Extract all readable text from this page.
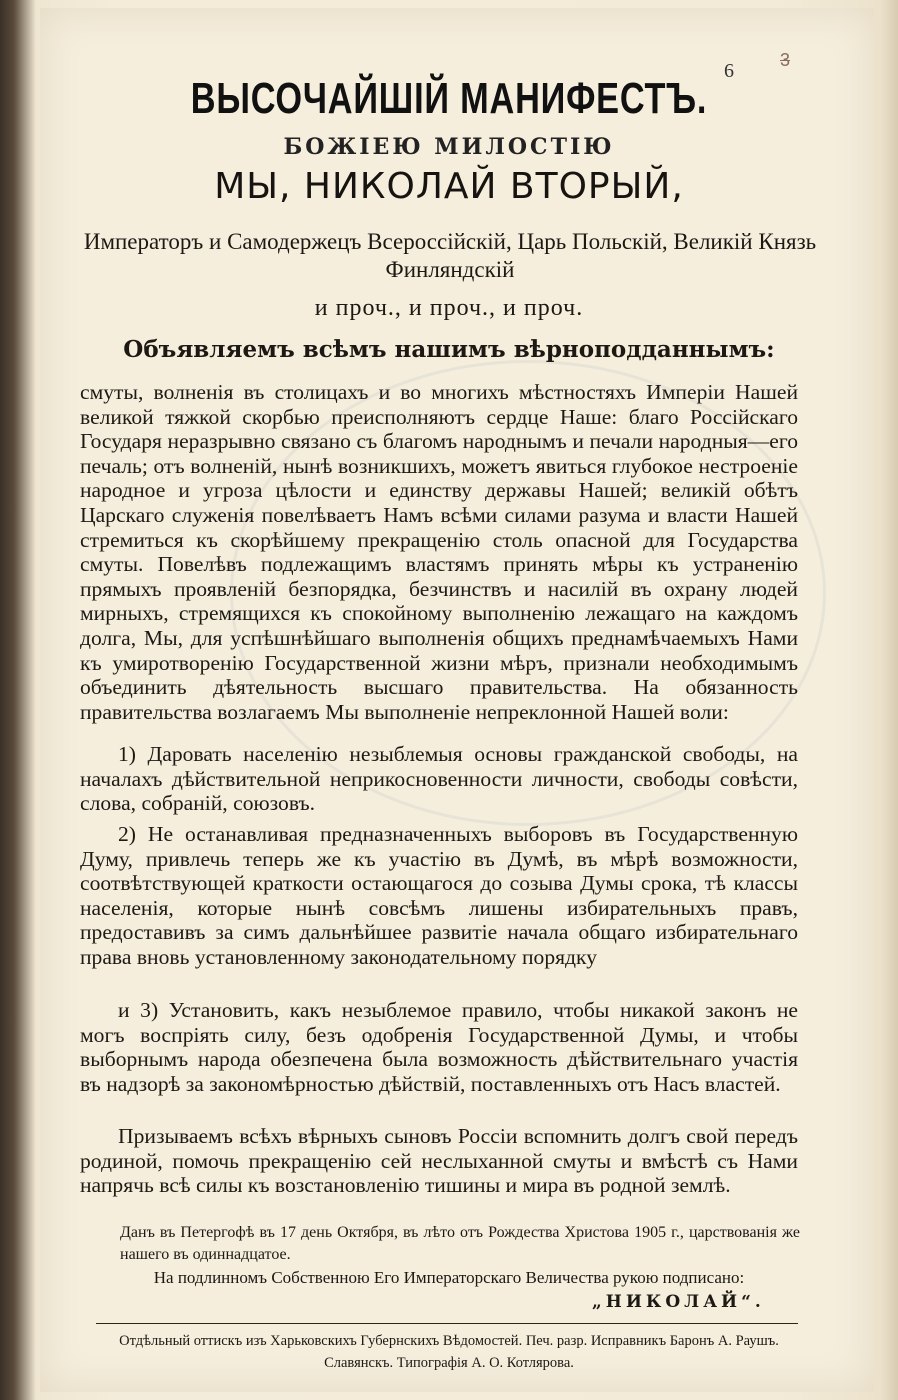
6	3
ВЫСОЧАЙШІЙ МАНИФЕСТЪ.
БОЖІЕЮ МИЛОСТІЮ
МЫ, НИКОЛАЙ ВТОРЫЙ,
Императоръ и Самодержецъ Всероссійскій, Царь Польскій, Великій Князь Финляндскій
и проч., и проч., и проч.
Объявляемъ всѣмъ нашимъ вѣрноподданнымъ:
смуты, волненія въ столицахъ и во многихъ мѣстностяхъ Имперіи Нашей великой тяжкой скорбью преисполняютъ сердце Наше: благо Россійскаго Государя неразрывно связано съ благомъ народнымъ и печали народныя—его печаль; отъ волненій, нынѣ возникшихъ, можетъ явиться глубокое нестроеніе народное и угроза цѣлости и единству державы Нашей; великій обѣтъ Царскаго служенія повелѣваетъ Намъ всѣми силами разума и власти Нашей стремиться къ скорѣйшему прекращенію столь опасной для Государства смуты. Повелѣвъ подлежащимъ властямъ принять мѣры къ устраненію прямыхъ проявленій безпорядка, безчинствъ и насилій въ охрану людей мирныхъ, стремящихся къ спокойному выполненію лежащаго на каждомъ долга, Мы, для успѣшнѣйшаго выполненія общихъ преднамѣчаемыхъ Нами къ умиротворенію Государственной жизни мѣръ, признали необходимымъ объединить дѣятельность высшаго правительства. На обязанность правительства возлагаемъ Мы выполненіе непреклонной Нашей воли:
1) Даровать населенію незыблемыя основы гражданской свободы, на началахъ дѣйствительной неприкосновенности личности, свободы совѣсти, слова, собраній, союзовъ.
2) Не останавливая предназначенныхъ выборовъ въ Государственную Думу, привлечь теперь же къ участію въ Думѣ, въ мѣрѣ возможности, соотвѣтствующей краткости остающагося до созыва Думы срока, тѣ классы населенія, которые нынѣ совсѣмъ лишены избирательныхъ правъ, предоставивъ за симъ дальнѣйшее развитіе начала общаго избирательнаго права вновь установленному законодательному порядку
и 3) Установить, какъ незыблемое правило, чтобы никакой законъ не могъ воспріять силу, безъ одобренія Государственной Думы, и чтобы выборнымъ народа обезпечена была возможность дѣйствительнаго участія въ надзорѣ за закономѣрностью дѣйствій, поставленныхъ отъ Насъ властей.
Призываемъ всѣхъ вѣрныхъ сыновъ Россіи вспомнить долгъ свой передъ родиной, помочь прекращенію сей неслыханной смуты и вмѣстѣ съ Нами напрячь всѣ силы къ возстановленію тишины и мира въ родной землѣ.
Данъ въ Петергофѣ въ 17 день Октября, въ лѣто отъ Рождества Христова 1905 г., царствованія же нашего въ одиннадцатое.
На подлинномъ Собственною Его Императорскаго Величества рукою подписано:
„НИКОЛАЙ“.
Отдѣльный оттискъ изъ Харьковскихъ Губернскихъ Вѣдомостей. Печ. разр. Исправникъ Баронъ А. Раушъ.
Славянскъ. Типографія А. О. Котлярова.
